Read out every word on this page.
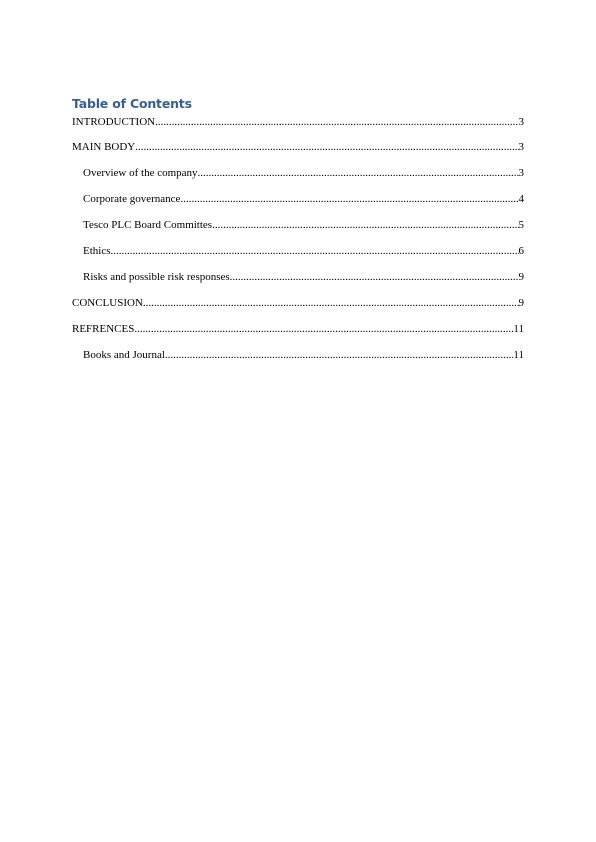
Table of Contents
INTRODUCTION .....	3
MAIN BODY .....	3
Overview of the company .....	3
Corporate governance .....	4
Tesco PLC Board Committes .....	5
Ethics .....	6
Risks and possible risk responses .....	9
CONCLUSION .....	9
REFRENCES .....	11
Books and Journal .....	11
